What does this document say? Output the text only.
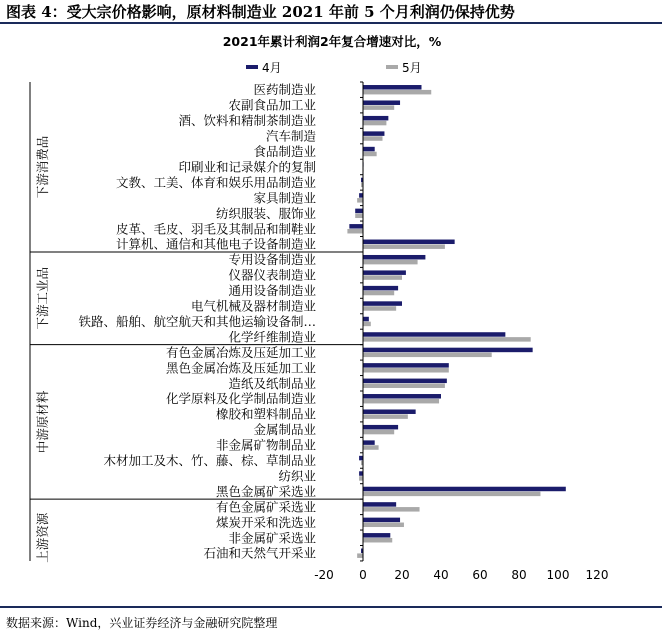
图表 4：受大宗价格影响，原材料制造业 2021 年前 5 个月利润仍保持优势
2021年累计利润2年复合增速对比，%
4月	5月
下游消费品
下游工业品
中游原材料
上游资源
医药制造业
农副食品加工业
酒、饮料和精制茶制造业
汽车制造
食品制造业
印刷业和记录媒介的复制
文教、工美、体育和娱乐用品制造业
家具制造业
纺织服装、服饰业
皮革、毛皮、羽毛及其制品和制鞋业
计算机、通信和其他电子设备制造业
专用设备制造业
仪器仪表制造业
通用设备制造业
电气机械及器材制造业
铁路、船舶、航空航天和其他运输设备制…
化学纤维制造业
有色金属冶炼及压延加工业
黑色金属冶炼及压延加工业
造纸及纸制品业
化学原料及化学制品制造业
橡胶和塑料制品业
金属制品业
非金属矿物制品业
木材加工及木、竹、藤、棕、草制品业
纺织业
黑色金属矿采选业
有色金属矿采选业
煤炭开采和洗选业
非金属矿采选业
石油和天然气开采业
-20 0 20 40 60 80 100 120
数据来源：Wind，兴业证券经济与金融研究院整理
